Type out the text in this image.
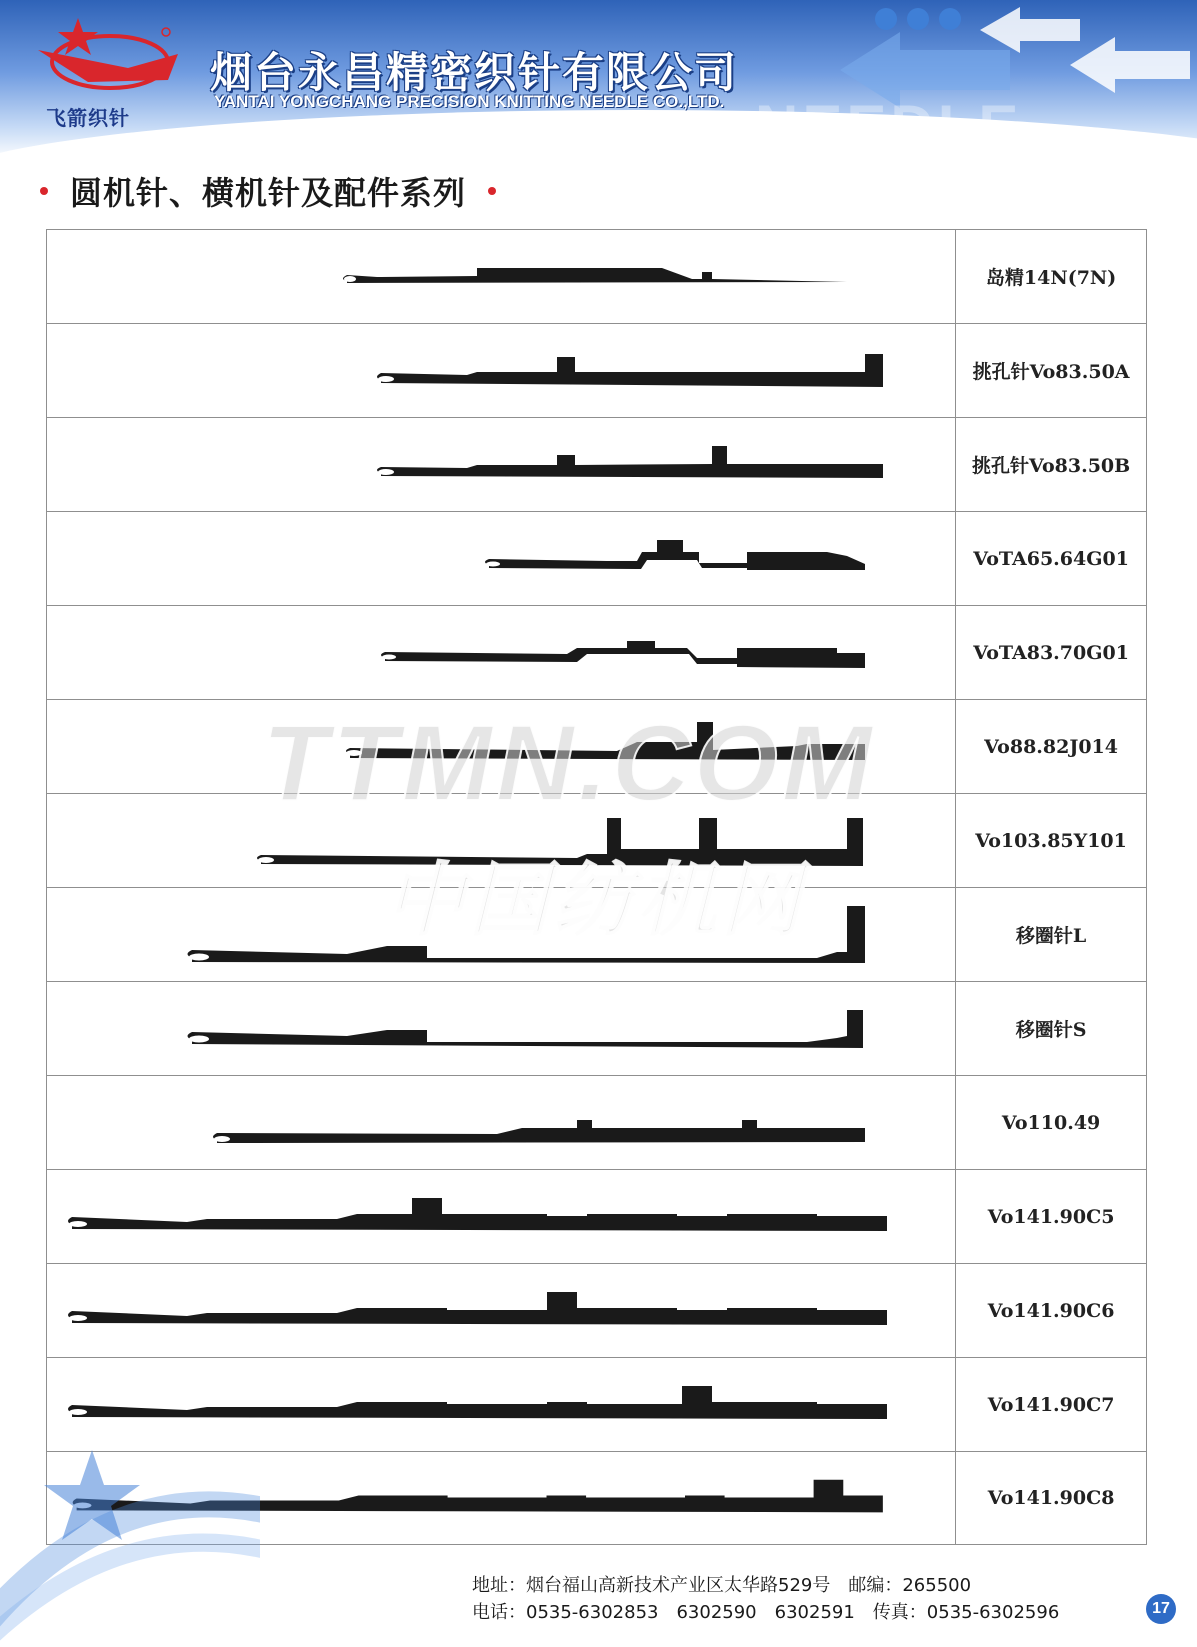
飞箭织针
烟台永昌精密织针有限公司
YANTAI YONGCHANG PRECISION KNITTING NEEDLE CO.,LTD.
圆机针、横机针及配件系列
岛精14N(7N)
挑孔针Vo83.50A
挑孔针Vo83.50B
VoTA65.64G01
VoTA83.70G01
Vo88.82J014
Vo103.85Y101
移圈针L
移圈针S
Vo110.49
Vo141.90C5
Vo141.90C6
Vo141.90C7
Vo141.90C8
TTMN.COM
中国纺机网
地址：烟台福山高新技术产业区太华路529号　邮编：265500
电话：0535-6302853　6302590　6302591　传真：0535-6302596	17
